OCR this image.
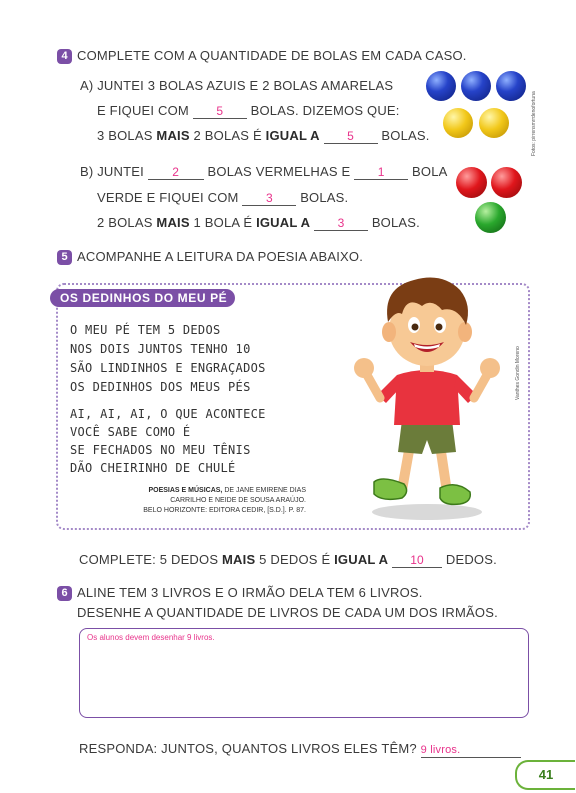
4 COMPLETE COM A QUANTIDADE DE BOLAS EM CADA CASO.
A) JUNTEI 3 BOLAS AZUIS E 2 BOLAS AMARELAS
E FIQUEI COM 5 BOLAS. DIZEMOS QUE:
3 BOLAS MAIS 2 BOLAS É IGUAL A 5 BOLAS.	Fotos: pirrensmrrdenofortuna
B) JUNTEI 2 BOLAS VERMELHAS E 1 BOLA
VERDE E FIQUEI COM 3 BOLAS.
2 BOLAS MAIS 1 BOLA É IGUAL A 3 BOLAS.
5 ACOMPANHE A LEITURA DA POESIA ABAIXO.
OS DEDINHOS DO MEU PÉ
O MEU PÉ TEM 5 DEDOS
NOS DOIS JUNTOS TENHO 10
SÃO LINDINHOS E ENGRAÇADOS
OS DEDINHOS DOS MEUS PÉS
AI, AI, AI, O QUE ACONTECE
VOCÊ SABE COMO É
SE FECHADOS NO MEU TÊNIS
DÃO CHEIRINHO DE CHULÉ
POESIAS E MÚSICAS, DE JANE EMIRENE DIAS
CARRILHO E NEIDE DE SOUSA ARAÚJO.
BELO HORIZONTE: EDITORA CEDIR, [S.D.]. P. 87.
Vanthes Gondin Moreno
COMPLETE: 5 DEDOS MAIS 5 DEDOS É IGUAL A 10 DEDOS.
6 ALINE TEM 3 LIVROS E O IRMÃO DELA TEM 6 LIVROS.
DESENHE A QUANTIDADE DE LIVROS DE CADA UM DOS IRMÃOS.
Os alunos devem desenhar 9 livros.
RESPONDA: JUNTOS, QUANTOS LIVROS ELES TÊM? 9 livros.
41
